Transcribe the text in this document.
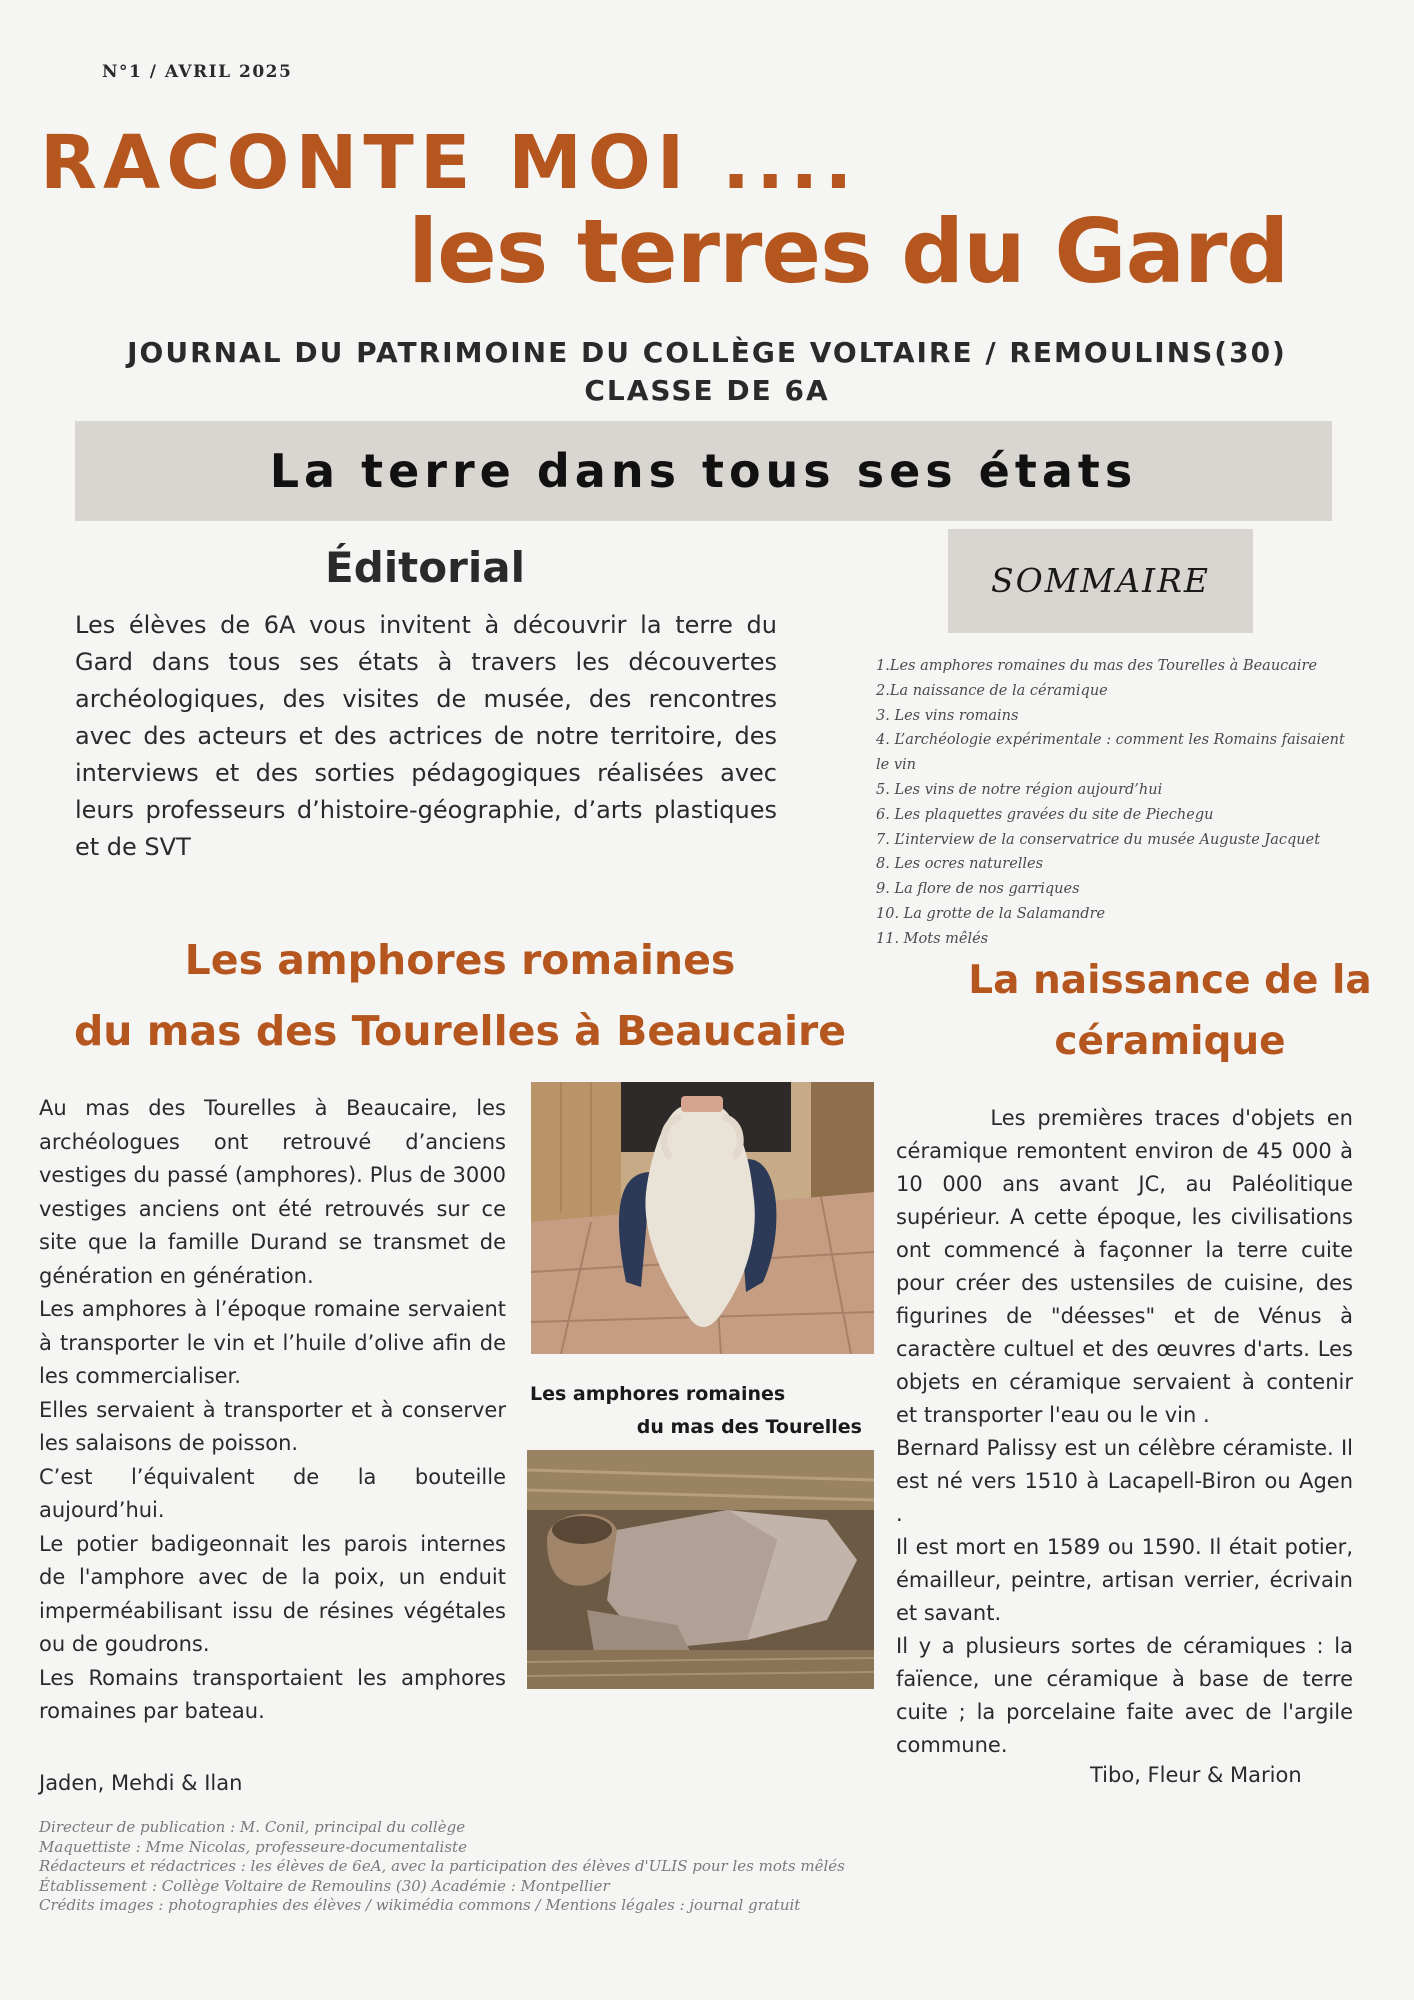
N°1 / AVRIL 2025
RACONTE MOI ....
les terres du Gard
JOURNAL DU PATRIMOINE DU COLLÈGE VOLTAIRE / REMOULINS(30)
CLASSE DE 6A
La terre dans tous ses états
Éditorial
Les élèves de 6A vous invitent à découvrir la terre du Gard dans tous ses états à travers les découvertes archéologiques, des visites de musée, des rencontres avec des acteurs et des actrices de notre territoire, des interviews et des sorties pédagogiques réalisées avec leurs professeurs d’histoire-géographie, d’arts plastiques et de SVT
SOMMAIRE
1.Les amphores romaines du mas des Tourelles à Beaucaire
2.La naissance de la céramique
3. Les vins romains
4. L’archéologie expérimentale : comment les Romains faisaient le vin
5. Les vins de notre région aujourd’hui
6. Les plaquettes gravées du site de Piechegu
7. L’interview de la conservatrice du musée Auguste Jacquet
8. Les ocres naturelles
9. La flore de nos garriques
10. La grotte de la Salamandre
11. Mots mêlés
Les amphores romaines
du mas des Tourelles à Beaucaire

Au mas des Tourelles à Beaucaire, les archéologues ont retrouvé d’anciens vestiges du passé (amphores). Plus de 3000 vestiges anciens ont été retrouvés sur ce site que la famille Durand se transmet de génération en génération.

Les amphores à l’époque romaine servaient à transporter le vin et l’huile d’olive afin de les commercialiser.

Elles servaient à transporter et à conserver les salaisons de poisson.

C’est l’équivalent de la bouteille aujourd’hui.

Le potier badigeonnait les parois internes de l'amphore avec de la poix, un enduit imperméabilisant issu de résines végétales ou de goudrons.

Les Romains transportaient les amphores romaines par bateau.

Les amphores romaines
du mas des Tourelles
Jaden, Mehdi & Ilan
La naissance de la
céramique

Les premières traces d'objets en céramique remontent environ de 45 000 à 10 000 ans avant JC, au Paléolitique supérieur. A cette époque, les civilisations ont commencé à façonner la terre cuite pour créer des ustensiles de cuisine, des figurines de "déesses" et de Vénus à caractère cultuel et des œuvres d'arts. Les objets en céramique servaient à contenir et transporter l'eau ou le vin .

Bernard Palissy est un célèbre céramiste. Il est né vers 1510 à Lacapell-Biron ou Agen .

Il est mort en 1589 ou 1590. Il était potier, émailleur, peintre, artisan verrier, écrivain et savant.

Il y a plusieurs sortes de céramiques : la faïence, une céramique à base de terre cuite ; la porcelaine faite avec de l'argile commune.

Tibo, Fleur & Marion
Directeur de publication : M. Conil, principal du collège
Maquettiste : Mme Nicolas, professeure-documentaliste
Rédacteurs et rédactrices : les élèves de 6eA, avec la participation des élèves d'ULIS pour les mots mêlés
Établissement : Collège Voltaire de Remoulins (30) Académie : Montpellier
Crédits images : photographies des élèves / wikimédia commons / Mentions légales : journal gratuit
